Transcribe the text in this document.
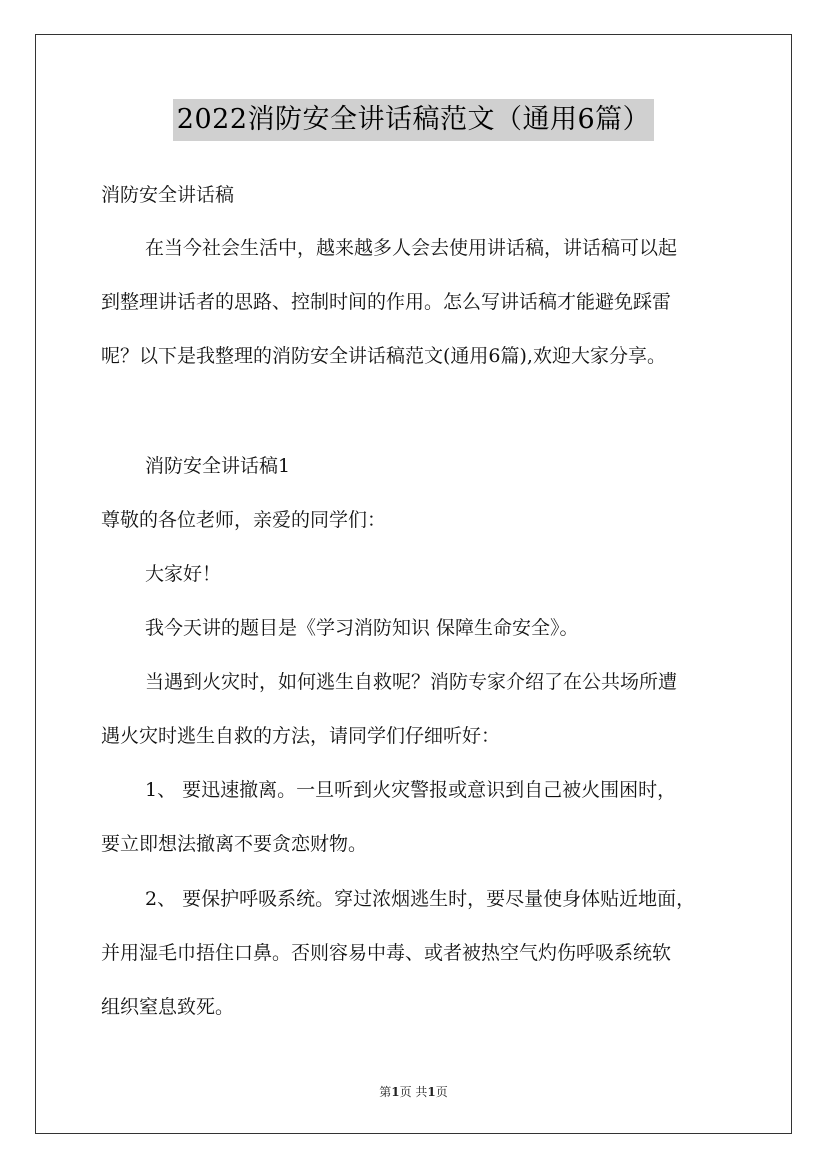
2022消防安全讲话稿范文（通用6篇）
消防安全讲话稿
在当今社会生活中，越来越多人会去使用讲话稿，讲话稿可以起
到整理讲话者的思路、控制时间的作用。怎么写讲话稿才能避免踩雷
呢？以下是我整理的消防安全讲话稿范文(通用6篇),欢迎大家分享。
消防安全讲话稿1
尊敬的各位老师，亲爱的同学们：
大家好！
我今天讲的题目是《学习消防知识 保障生命安全》。
当遇到火灾时，如何逃生自救呢？消防专家介绍了在公共场所遭
遇火灾时逃生自救的方法，请同学们仔细听好：
1、 要迅速撤离。一旦听到火灾警报或意识到自己被火围困时，
要立即想法撤离不要贪恋财物。
2、 要保护呼吸系统。穿过浓烟逃生时，要尽量使身体贴近地面，
并用湿毛巾捂住口鼻。否则容易中毒、或者被热空气灼伤呼吸系统软
组织窒息致死。
第1页 共1页
